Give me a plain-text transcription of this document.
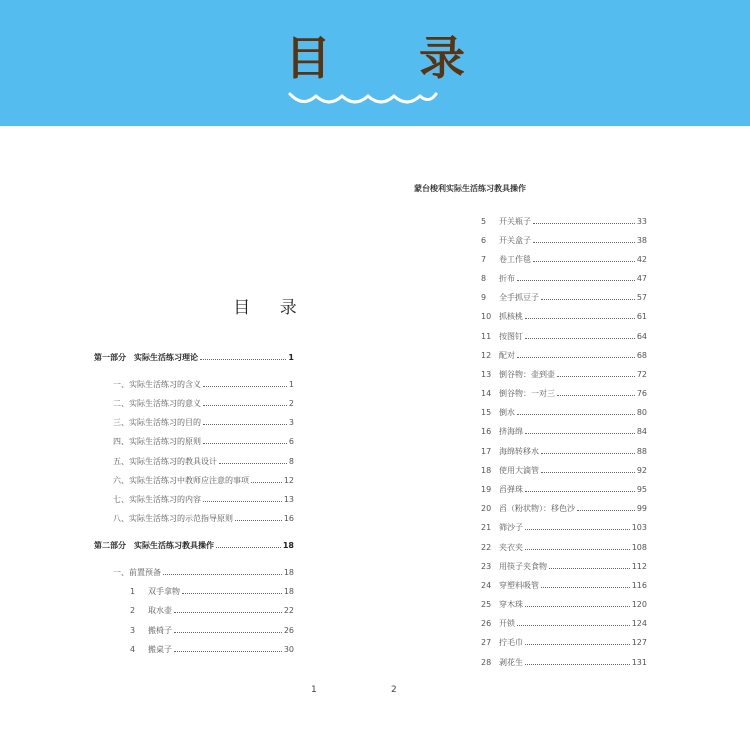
目 录
目 录
蒙台梭利实际生活练习教具操作
第一部分　实际生活练习理论	1
一、实际生活练习的含义	1
二、实际生活练习的意义	2
三、实际生活练习的目的	3
四、实际生活练习的原则	6
五、实际生活练习的教具设计	8
六、实际生活练习中教师应注意的事项	12
七、实际生活练习的内容	13
八、实际生活练习的示范指导原则	16
第二部分　实际生活练习教具操作	18
一、前置预备	18
1	双手拿物	18
2	取水壶	22
3	搬椅子	26
4	搬桌子	30
5	开关瓶子	33
6	开关盒子	38
7	卷工作毯	42
8	折布	47
9	全手抓豆子	57
10 抓核桃	61
11 按图钉	64
12 配对	68
13 倒谷物：壶到壶	72
14 倒谷物：一对三	76
15 倒水	80
16 挤海绵	84
17 海绵转移水	88
18 使用大滴管	92
19 舀弹珠	95
20 舀（粉状物）：移色沙	99
21 筛沙子	103
22 夹衣夹	108
23 用筷子夹食物	112
24 穿塑料吸管	116
25 穿木珠	120
26 开锁	124
27 拧毛巾	127
28 剥花生	131
1	2
